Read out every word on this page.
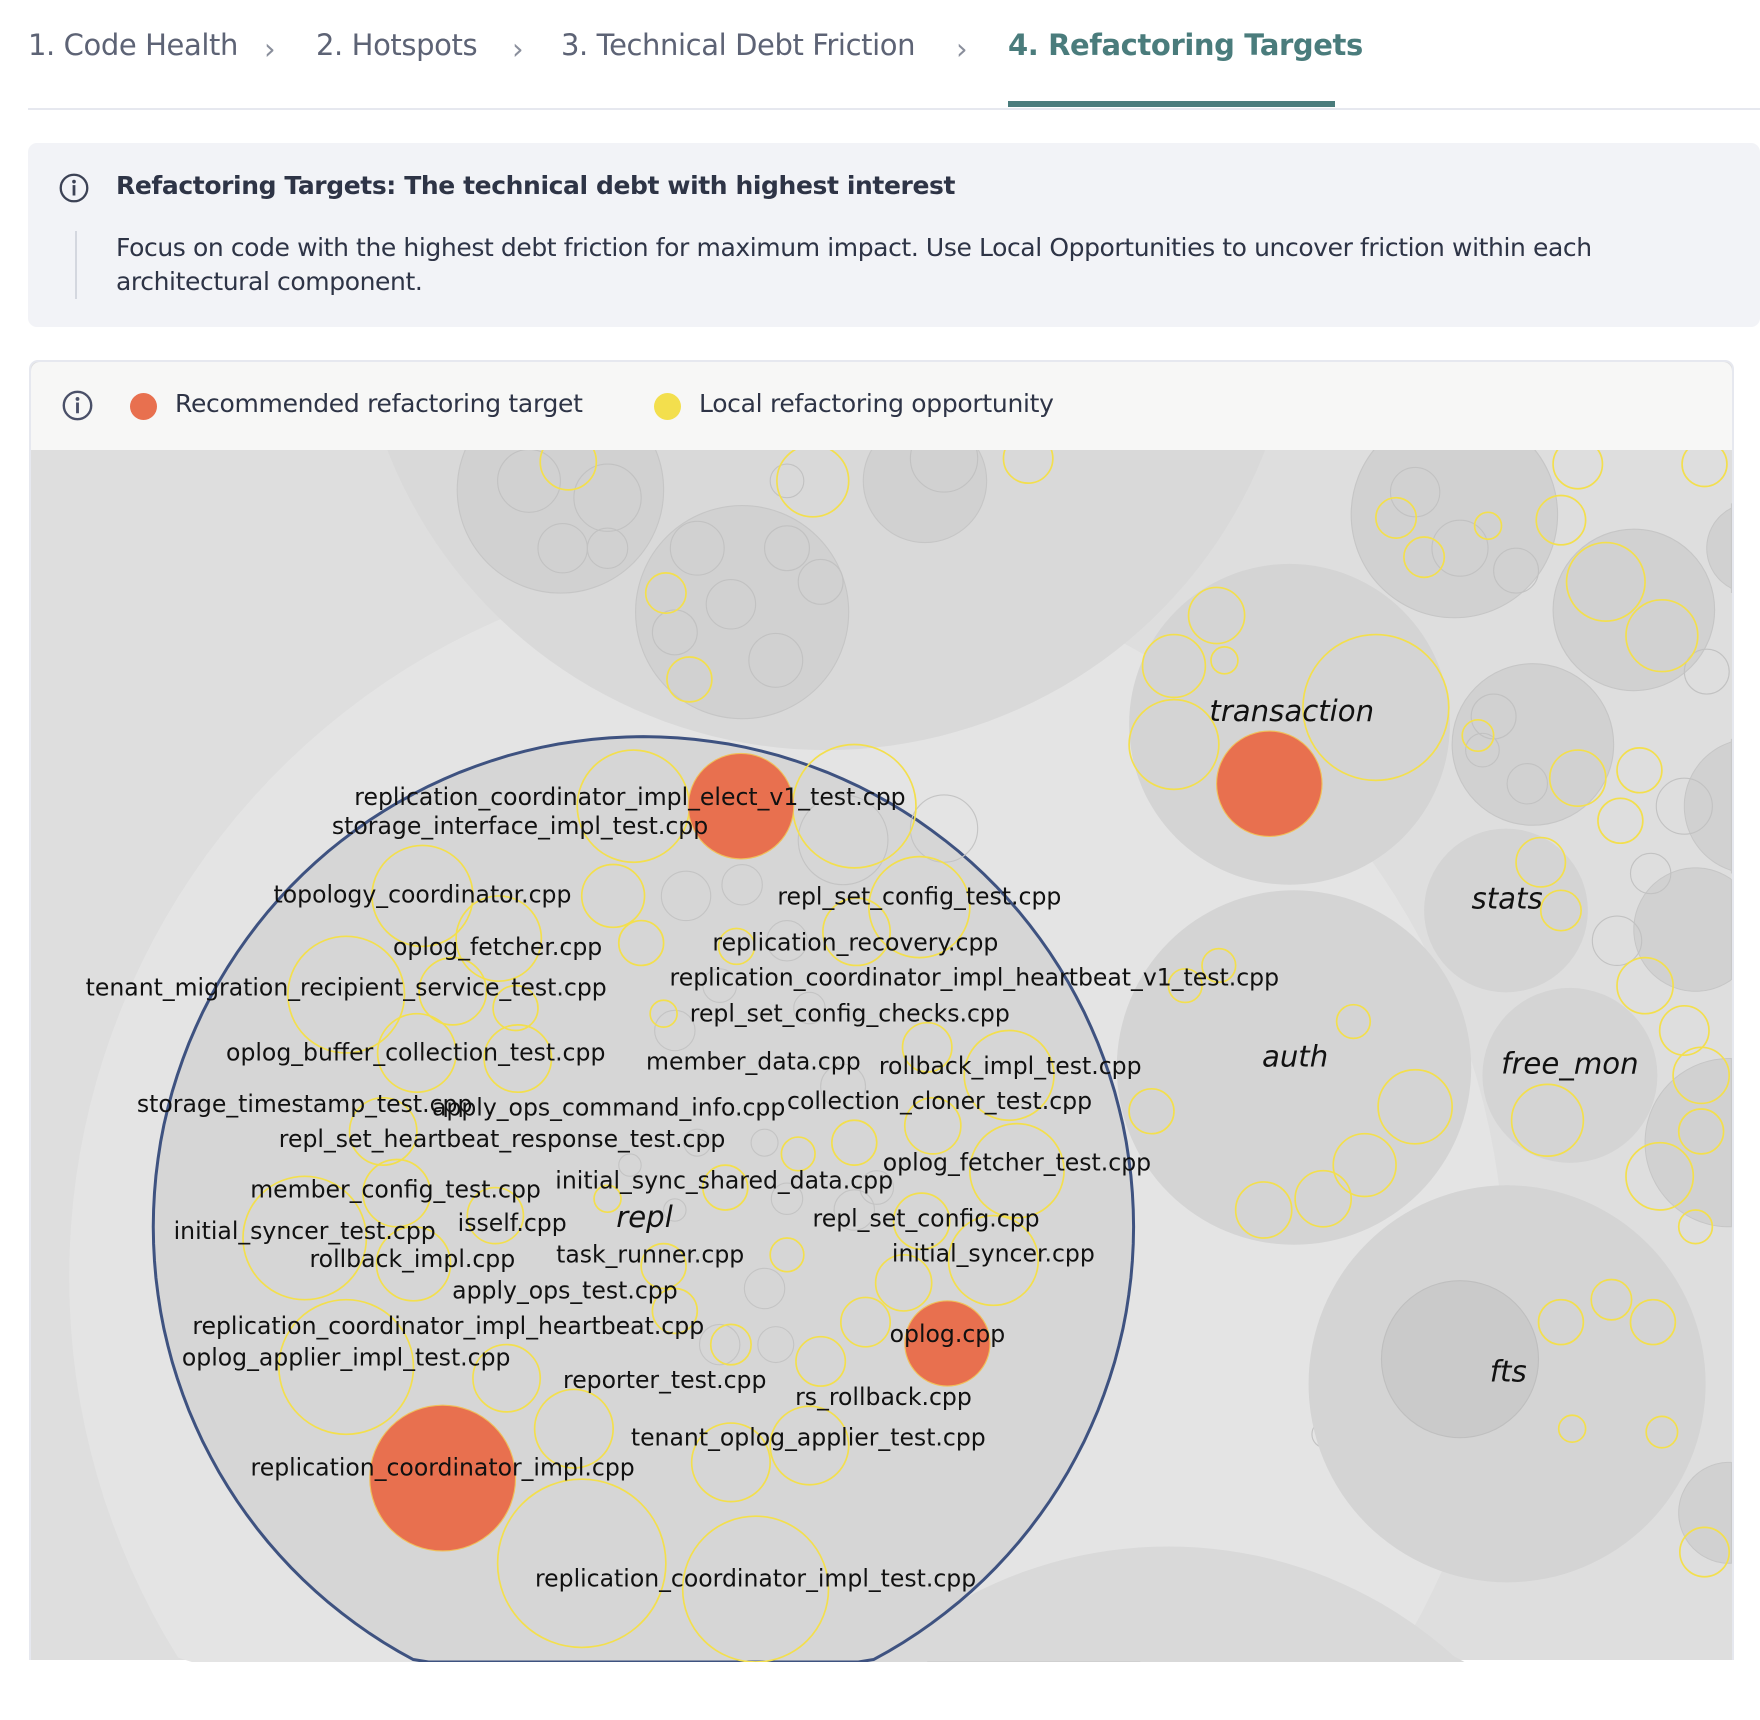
1. Code Health › 2. Hotspots › 3. Technical Debt Friction › 4. Refactoring Targets
Refactoring Targets: The technical debt with highest interest
Focus on code with the highest debt friction for maximum impact. Use Local Opportunities to uncover friction within each architectural component.
replication_coordinator_impl_elect_v1_test.cpp
storage_interface_impl_test.cpp
topology_coordinator.cpp	repl_set_config_test.cpp
oplog_fetcher.cpp	replication_recovery.cpp
replication_coordinator_impl_heartbeat_v1_test.cpp
tenant_migration_recipient_service_test.cpp
repl_set_config_checks.cpp
oplog_buffer_collection_test.cpp member_data.cpp rollback_impl_test.cpp
storage_timestamp_test.cpp
apply_ops_command_info.cpp collection_cloner_test.cpp
repl_set_heartbeat_response_test.cpp
oplog_fetcher_test.cpp
initial_sync_shared_data.cpp
member_config_test.cpp
initial_syncer_test.cpp isself.cpp	repl_set_config.cpp
rollback_impl.cpp task_runner.cpp	initial_syncer.cpp
apply_ops_test.cpp
replication_coordinator_impl_heartbeat.cpp	oplog.cpp
oplog_applier_impl_test.cpp
reporter_test.cpp
rs_rollback.cpp
tenant_oplog_applier_test.cpp
replication_coordinator_impl.cpp
replication_coordinator_impl_test.cpp
repl
transaction
stats
auth	free_mon
fts
Recommended refactoring target	Local refactoring opportunity
